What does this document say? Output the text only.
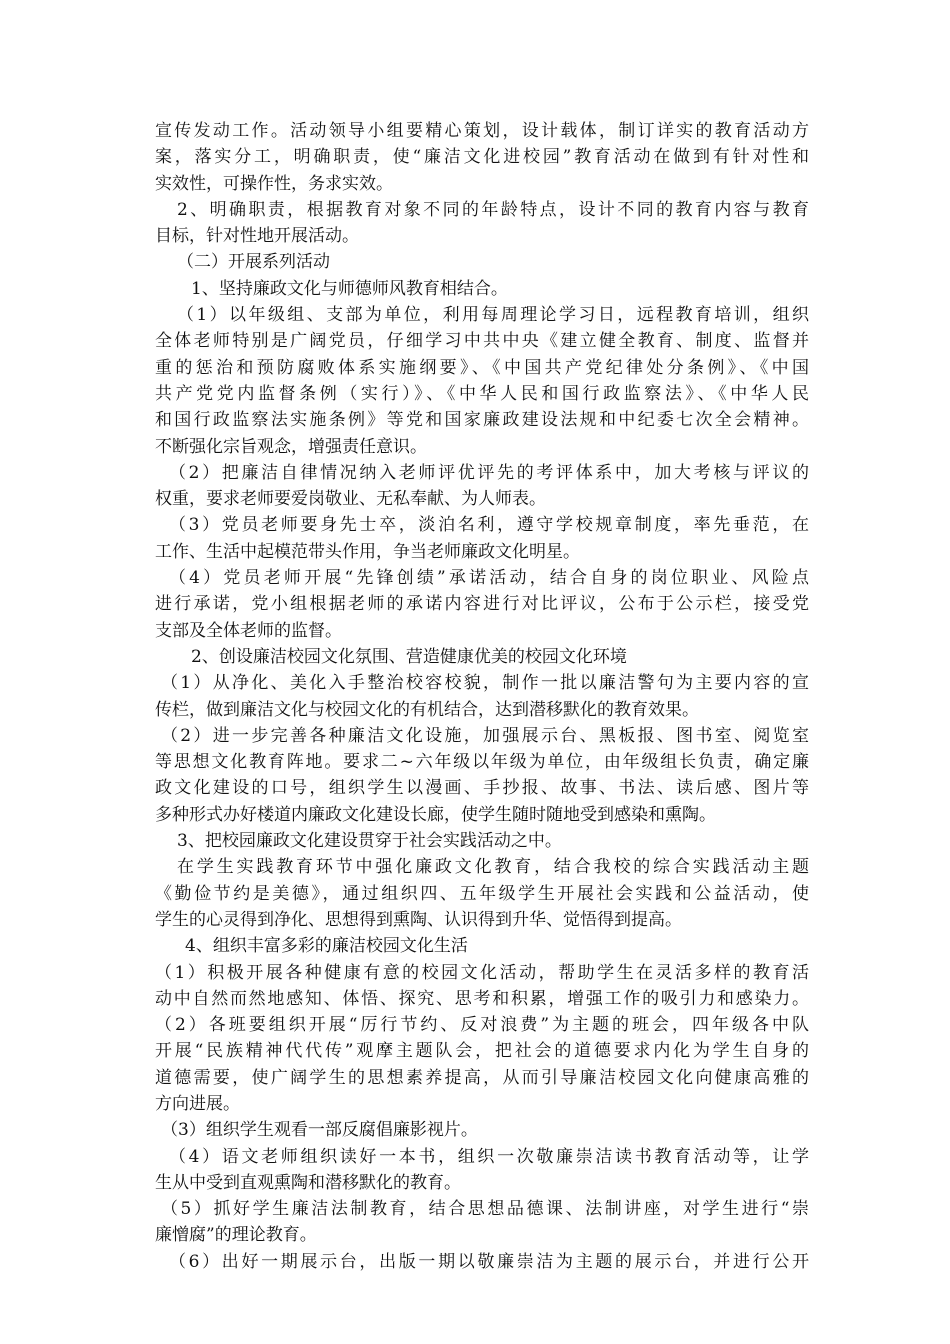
宣传发动工作。活动领导小组要精心策划，设计载体，制订详实的教育活动方
案，落实分工，明确职责，使“廉洁文化进校园”教育活动在做到有针对性和
实效性，可操作性，务求实效。
2、明确职责，根据教育对象不同的年龄特点，设计不同的教育内容与教育
目标，针对性地开展活动。
（二）开展系列活动
1、坚持廉政文化与师德师风教育相结合。
（1）以年级组、支部为单位，利用每周理论学习日，远程教育培训，组织
全体老师特别是广阔党员，仔细学习中共中央《建立健全教育、制度、监督并
重的惩治和预防腐败体系实施纲要》、《中国共产党纪律处分条例》、《中国
共产党党内监督条例（实行）》、《中华人民和国行政监察法》、《中华人民
和国行政监察法实施条例》等党和国家廉政建设法规和中纪委七次全会精神。
不断强化宗旨观念，增强责任意识。
（2）把廉洁自律情况纳入老师评优评先的考评体系中，加大考核与评议的
权重，要求老师要爱岗敬业、无私奉献、为人师表。
（3）党员老师要身先士卒，淡泊名利，遵守学校规章制度，率先垂范，在
工作、生活中起模范带头作用，争当老师廉政文化明星。
（4）党员老师开展“先锋创绩”承诺活动，结合自身的岗位职业、风险点
进行承诺，党小组根据老师的承诺内容进行对比评议，公布于公示栏，接受党
支部及全体老师的监督。
2、创设廉洁校园文化氛围、营造健康优美的校园文化环境
（1）从净化、美化入手整治校容校貌，制作一批以廉洁警句为主要内容的宣
传栏，做到廉洁文化与校园文化的有机结合，达到潜移默化的教育效果。
（2）进一步完善各种廉洁文化设施，加强展示台、黑板报、图书室、阅览室
等思想文化教育阵地。要求二~六年级以年级为单位，由年级组长负责，确定廉
政文化建设的口号，组织学生以漫画、手抄报、故事、书法、读后感、图片等
多种形式办好楼道内廉政文化建设长廊，使学生随时随地受到感染和熏陶。
3、把校园廉政文化建设贯穿于社会实践活动之中。
在学生实践教育环节中强化廉政文化教育，结合我校的综合实践活动主题
《勤俭节约是美德》，通过组织四、五年级学生开展社会实践和公益活动，使
学生的心灵得到净化、思想得到熏陶、认识得到升华、觉悟得到提高。
4、组织丰富多彩的廉洁校园文化生活
（1）积极开展各种健康有意的校园文化活动，帮助学生在灵活多样的教育活
动中自然而然地感知、体悟、探究、思考和积累，增强工作的吸引力和感染力。
（2）各班要组织开展“厉行节约、反对浪费”为主题的班会，四年级各中队
开展“民族精神代代传”观摩主题队会，把社会的道德要求内化为学生自身的
道德需要，使广阔学生的思想素养提高，从而引导廉洁校园文化向健康高雅的
方向进展。
（3）组织学生观看一部反腐倡廉影视片。
（4）语文老师组织读好一本书，组织一次敬廉崇洁读书教育活动等，让学
生从中受到直观熏陶和潜移默化的教育。
（5）抓好学生廉洁法制教育，结合思想品德课、法制讲座，对学生进行“崇
廉憎腐”的理论教育。
（6）出好一期展示台，出版一期以敬廉崇洁为主题的展示台，并进行公开
